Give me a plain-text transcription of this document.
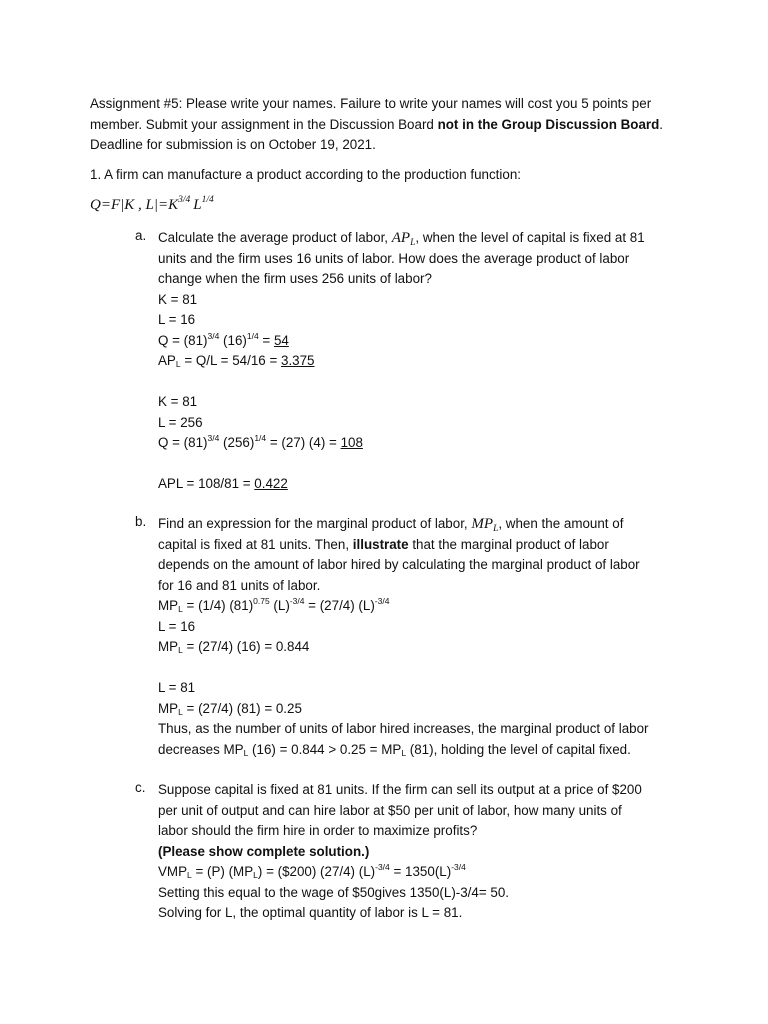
Assignment #5: Please write your names. Failure to write your names will cost you 5 points per
member. Submit your assignment in the Discussion Board not in the Group Discussion Board.
Deadline for submission is on October 19, 2021.
1. A firm can manufacture a product according to the production function:
Q=F|K , $L|=K^{3/4}$ $L^{1/4}$
a. Calculate the average product of labor, $AP_L$, when the level of capital is fixed at 81
units and the firm uses 16 units of labor. How does the average product of labor
change when the firm uses 256 units of labor?
K = 81
L = 16
$Q = (81)^{3/4}$ $(16)^{1/4} = 54$
$AP_L = Q/L = 54/16 = 3.375$

K = 81
L = 256
$Q = (81)^{3/4}$ $(256)^{1/4} = (27) (4) = 108$

APL = 108/81 = 0.422
b. Find an expression for the marginal product of labor, $MP_L$, when the amount of
capital is fixed at 81 units. Then, illustrate that the marginal product of labor
depends on the amount of labor hired by calculating the marginal product of labor
for 16 and 81 units of labor.
$MP_L = (1/4)$ $(81)^{0.75}$ $(L)^{-3/4} = (27/4)$ $(L)^{-3/4}$
L = 16
$MP_L = (27/4) (16) = 0.844$

L = 81
$MP_L = (27/4) (81) = 0.25$
Thus, as the number of units of labor hired increases, the marginal product of labor
decreases $MP_L$ $(16) = 0.844 > 0.25 = MP_L$ (81), holding the level of capital fixed.
c. Suppose capital is fixed at 81 units. If the firm can sell its output at a price of $200
per unit of output and can hire labor at $50 per unit of labor, how many units of
labor should the firm hire in order to maximize profits?
(Please show complete solution.)
$VMP_L = (P) (MP_L)$ = ($200) (27/4) $(L)^{-3/4} = 1350(L)^{-3/4}$
Setting this equal to the wage of $50gives 1350(L)-3/4= 50.
Solving for L, the optimal quantity of labor is L = 81.
